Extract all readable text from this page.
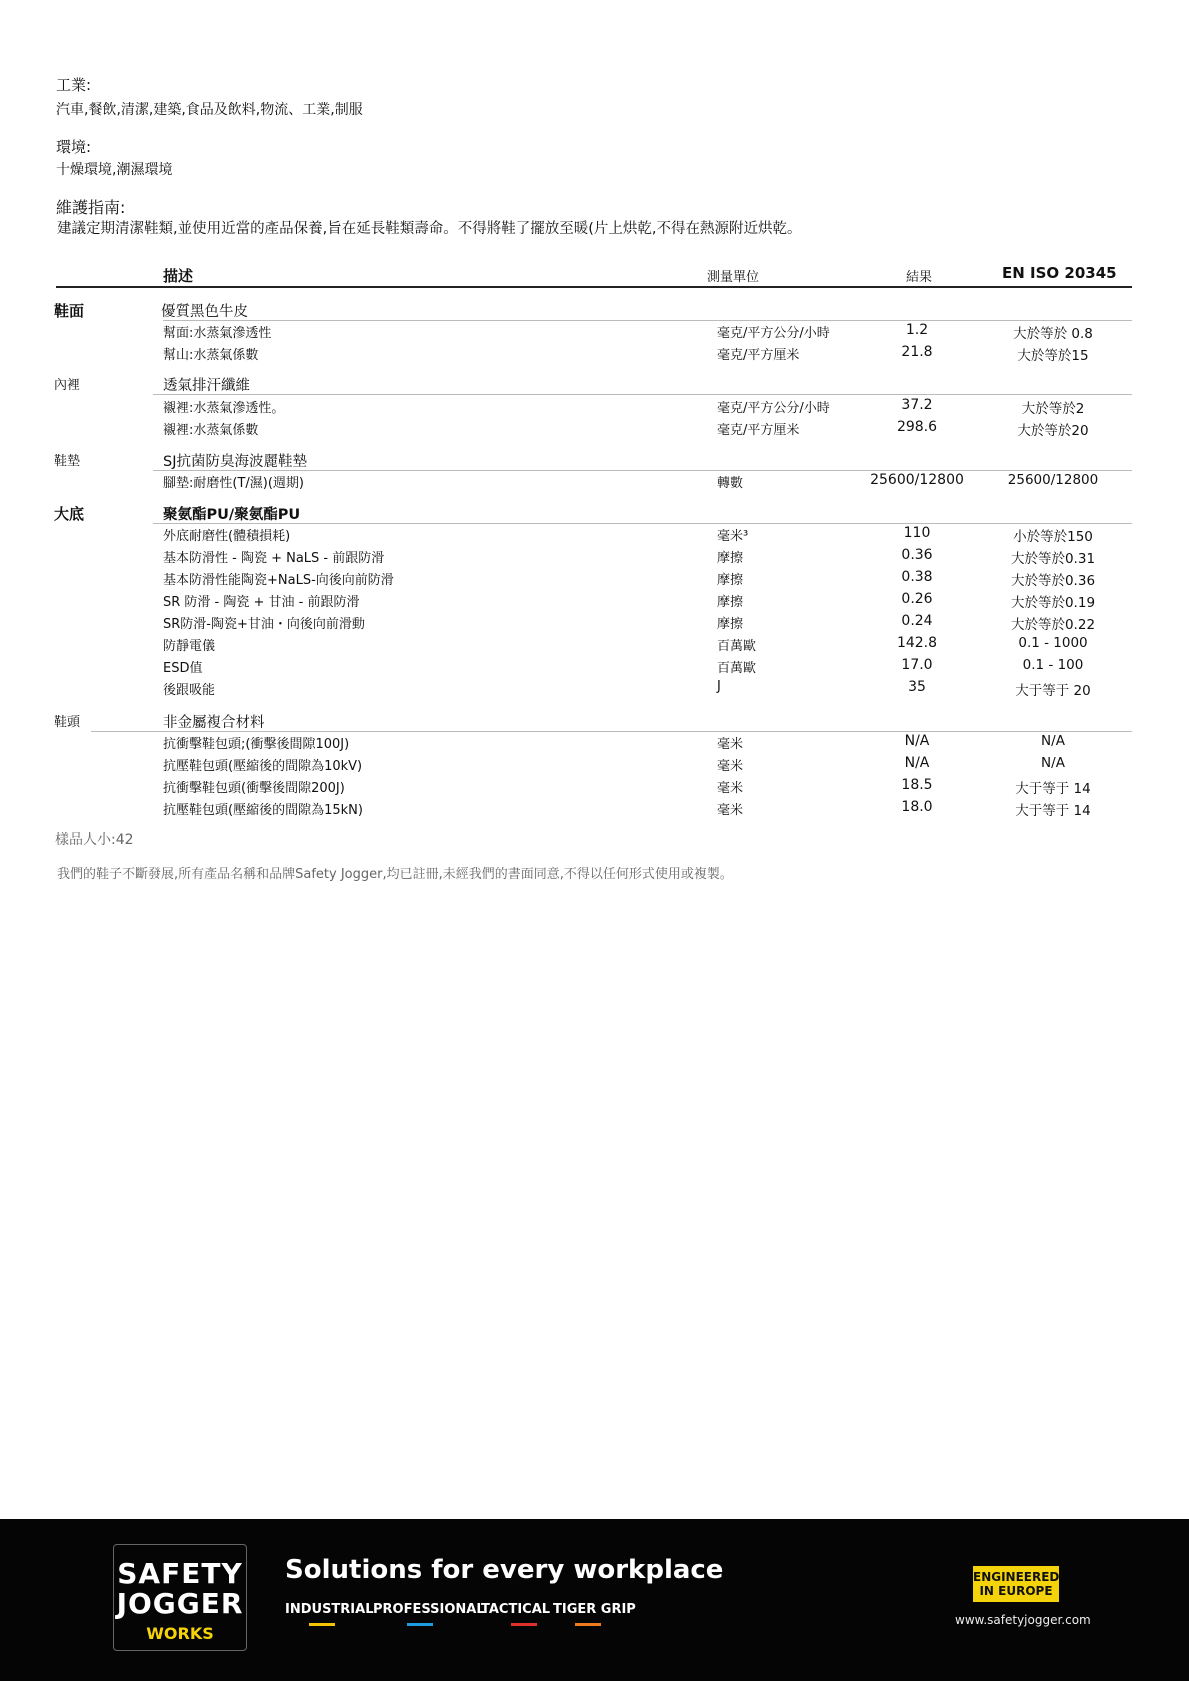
工業:
汽車,餐飲,清潔,建築,食品及飲料,物流、工業,制服
環境:
十燥環境,潮濕環境
維護指南:
建議定期清潔鞋類,並使用近當的產品保養,旨在延長鞋類壽命。不得將鞋了擺放至暖(片上烘乾,不得在熱源附近烘乾。
描述	測量單位	結果	EN ISO 20345
鞋面	優質黑色牛皮
幫面:水蒸氣滲透性	毫克/平方公分/小時	1.2	大於等於 0.8
幫山:水蒸氣係數	毫克/平方厘米	21.8	大於等於15
內裡	透氣排汗纖維
襯裡:水蒸氣滲透性。	毫克/平方公分/小時	37.2	大於等於2
襯裡:水蒸氣係數	毫克/平方厘米	298.6	大於等於20
鞋墊	SJ抗菌防臭海波麗鞋墊
腳墊:耐磨性(T/濕)(週期)	轉數	25600/12800	25600/12800
大底	聚氨酯PU/聚氨酯PU
外底耐磨性(體積損耗)	毫米³	110	小於等於150
基本防滑性 - 陶瓷 + NaLS - 前跟防滑	摩擦	0.36	大於等於0.31
基本防滑性能陶瓷+NaLS-向後向前防滑	摩擦	0.38	大於等於0.36
SR 防滑 - 陶瓷 + 甘油 - 前跟防滑	摩擦	0.26	大於等於0.19
SR防滑-陶瓷+甘油・向後向前滑動	摩擦	0.24	大於等於0.22
防靜電儀	百萬歐	142.8	0.1 - 1000
ESD值	百萬歐	17.0	0.1 - 100
後跟吸能	J	35	大于等于 20
鞋頭	非金屬複合材料
抗衝擊鞋包頭;(衝擊後間隙100J)	毫米	N/A	N/A
抗壓鞋包頭(壓縮後的間隙為10kV)	毫米	N/A	N/A
抗衝擊鞋包頭(衝擊後間隙200J)	毫米	18.5	大于等于 14
抗壓鞋包頭(壓縮後的間隙為15kN)	毫米	18.0	大于等于 14
樣品人小:42
我們的鞋子不斷發展,所有產品名稱和品牌Safety Jogger,均已註冊,未經我們的書面同意,不得以任何形式使用或複製。
SAFETY
JOGGER
WORKS
Solutions for every workplace
INDUSTRIAL PROFESSIONAL
TACTICAL TIGER GRIP
ENGINEERED
IN EUROPE
www.safetyjogger.com
